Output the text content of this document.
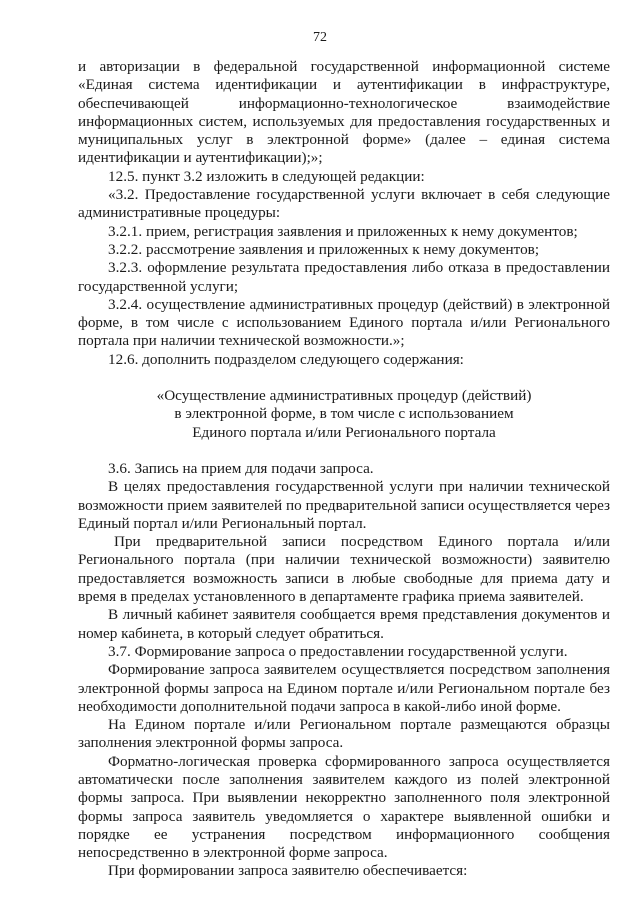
72

и авторизации в федеральной государственной информационной системе «Единая система идентификации и аутентификации в инфраструктуре, обеспечивающей информационно-технологическое взаимодействие информационных систем, используемых для предоставления государственных и муниципальных услуг в электронной форме» (далее – единая система идентификации и аутентификации);»;

12.5. пункт 3.2 изложить в следующей редакции:

«3.2. Предоставление государственной услуги включает в себя следующие административные процедуры:

3.2.1. прием, регистрация заявления и приложенных к нему документов;

3.2.2. рассмотрение заявления и приложенных к нему документов;

3.2.3. оформление результата предоставления либо отказа в предоставлении государственной услуги;

3.2.4. осуществление административных процедур (действий) в электронной форме, в том числе с использованием Единого портала и/или Регионального портала при наличии технической возможности.»;

12.6. дополнить подразделом следующего содержания:

«Осуществление административных процедур (действий)
в электронной форме, в том числе с использованием
Единого портала и/или Регионального портала

3.6. Запись на прием для подачи запроса.

В целях предоставления государственной услуги при наличии технической возможности прием заявителей по предварительной записи осуществляется через Единый портал и/или Региональный портал.

При предварительной записи посредством Единого портала и/или Регионального портала (при наличии технической возможности) заявителю предоставляется возможность записи в любые свободные для приема дату и время в пределах установленного в департаменте графика приема заявителей.

В личный кабинет заявителя сообщается время представления документов и номер кабинета, в который следует обратиться.

3.7. Формирование запроса о предоставлении государственной услуги.

Формирование запроса заявителем осуществляется посредством заполнения электронной формы запроса на Едином портале и/или Региональном портале без необходимости дополнительной подачи запроса в какой-либо иной форме.

На Едином портале и/или Региональном портале размещаются образцы заполнения электронной формы запроса.

Форматно-логическая проверка сформированного запроса осуществляется автоматически после заполнения заявителем каждого из полей электронной формы запроса. При выявлении некорректно заполненного поля электронной формы запроса заявитель уведомляется о характере выявленной ошибки и порядке ее устранения посредством информационного сообщения непосредственно в электронной форме запроса.

При формировании запроса заявителю обеспечивается:
